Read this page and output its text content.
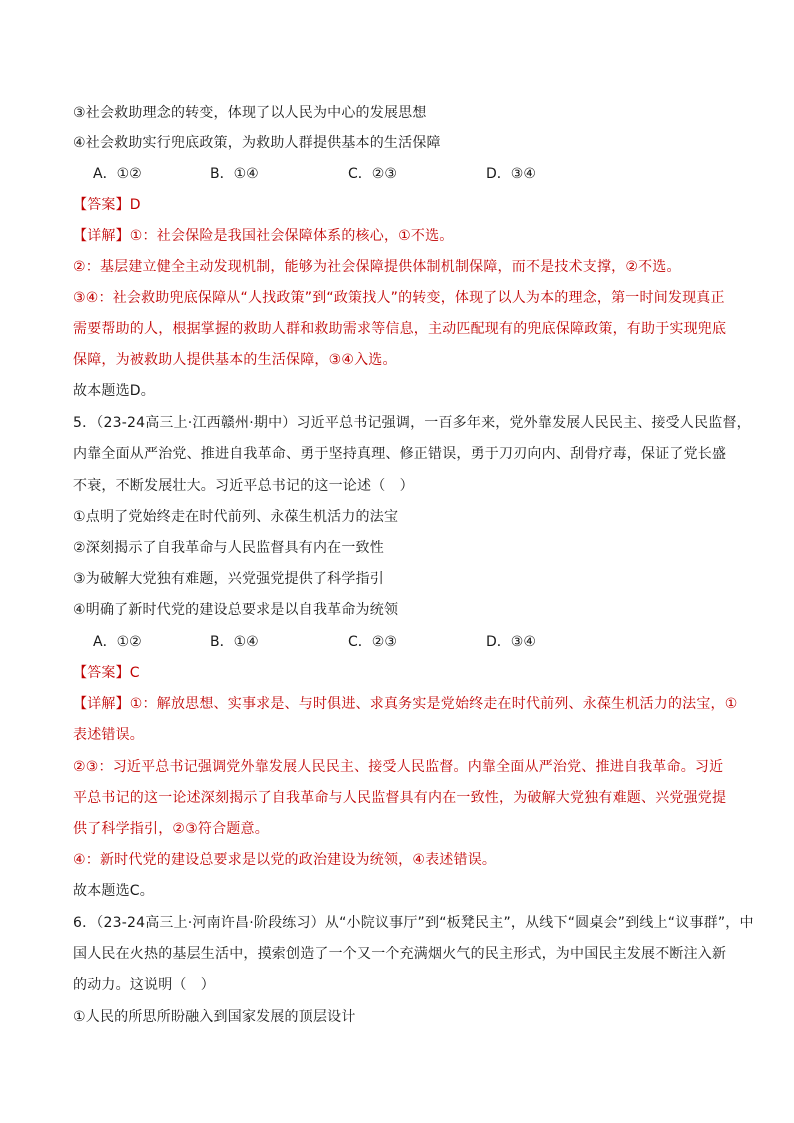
③社会救助理念的转变，体现了以人民为中心的发展思想
④社会救助实行兜底政策，为救助人群提供基本的生活保障
A．①②	B．①④	C．②③	D．③④
【答案】D
【详解】①：社会保险是我国社会保障体系的核心，①不选。
②：基层建立健全主动发现机制，能够为社会保障提供体制机制保障，而不是技术支撑，②不选。
③④：社会救助兜底保障从“人找政策”到“政策找人”的转变，体现了以人为本的理念，第一时间发现真正
需要帮助的人，根据掌握的救助人群和救助需求等信息，主动匹配现有的兜底保障政策，有助于实现兜底
保障，为被救助人提供基本的生活保障，③④入选。
故本题选D。
5．（23-24高三上·江西赣州·期中）习近平总书记强调，一百多年来，党外靠发展人民民主、接受人民监督，
内靠全面从严治党、推进自我革命、勇于坚持真理、修正错误，勇于刀刃向内、刮骨疗毒，保证了党长盛
不衰，不断发展壮大。习近平总书记的这一论述（　）
①点明了党始终走在时代前列、永葆生机活力的法宝
②深刻揭示了自我革命与人民监督具有内在一致性
③为破解大党独有难题，兴党强党提供了科学指引
④明确了新时代党的建设总要求是以自我革命为统领
A．①②	B．①④	C．②③	D．③④
【答案】C
【详解】①：解放思想、实事求是、与时俱进、求真务实是党始终走在时代前列、永葆生机活力的法宝，①
表述错误。
②③：习近平总书记强调党外靠发展人民民主、接受人民监督。内靠全面从严治党、推进自我革命。习近
平总书记的这一论述深刻揭示了自我革命与人民监督具有内在一致性，为破解大党独有难题、兴党强党提
供了科学指引，②③符合题意。
④：新时代党的建设总要求是以党的政治建设为统领，④表述错误。
故本题选C。
6．（23-24高三上·河南许昌·阶段练习）从“小院议事厅”到“板凳民主”，从线下“圆桌会”到线上“议事群”，中
国人民在火热的基层生活中，摸索创造了一个又一个充满烟火气的民主形式，为中国民主发展不断注入新
的动力。这说明（　）
①人民的所思所盼融入到国家发展的顶层设计
